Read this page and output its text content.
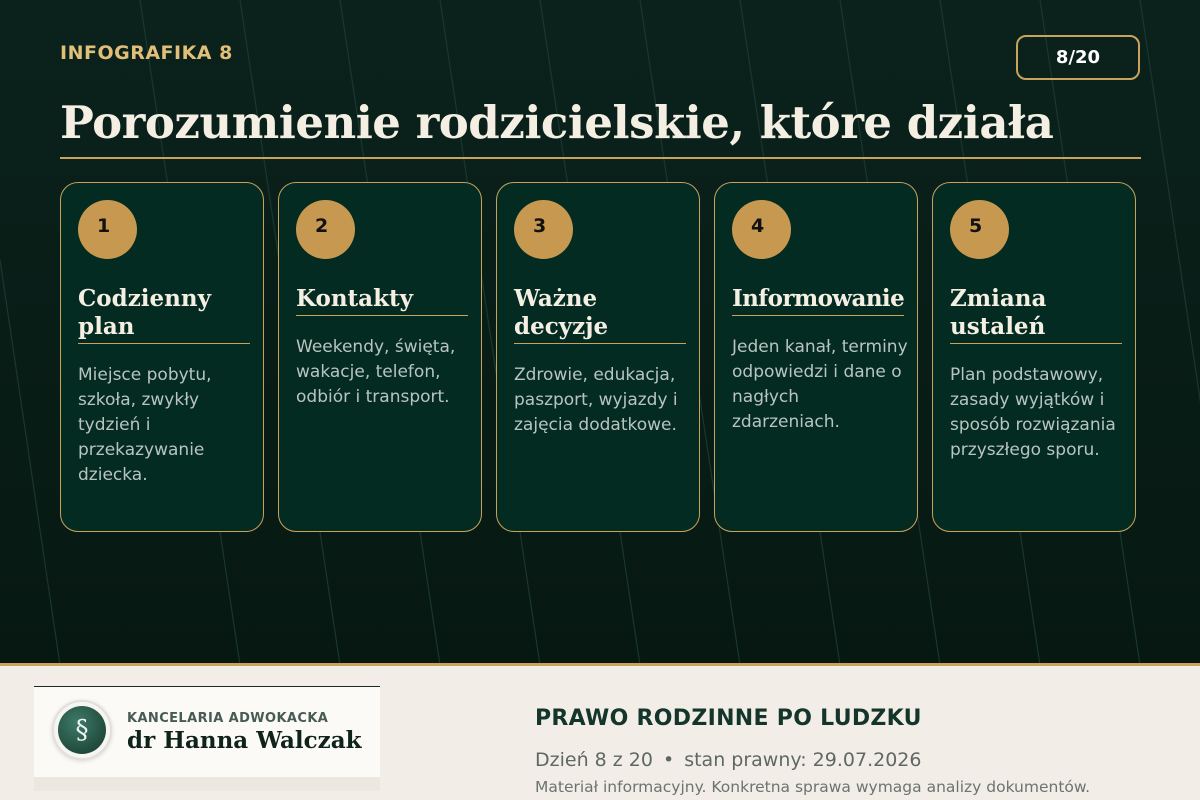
INFOGRAFIKA 8	8/20
Porozumienie rodzicielskie, które działa
1
Codzienny plan
Miejsce pobytu, szkoła, zwykły tydzień i przekazywanie dziecka.
2
Kontakty
Weekendy, święta, wakacje, telefon, odbiór i transport.
3
Ważne decyzje
Zdrowie, edukacja, paszport, wyjazdy i zajęcia dodatkowe.
4
Informowanie
Jeden kanał, terminy odpowiedzi i dane o nagłych zdarzeniach.
5
Zmiana ustaleń
Plan podstawowy, zasady wyjątków i sposób rozwiązania przyszłego sporu.
§	KANCELARIA ADWOKACKA
dr Hanna Walczak
PRAWO RODZINNE PO LUDZKU
Dzień 8 z 20 • stan prawny: 29.07.2026
Materiał informacyjny. Konkretna sprawa wymaga analizy dokumentów.
